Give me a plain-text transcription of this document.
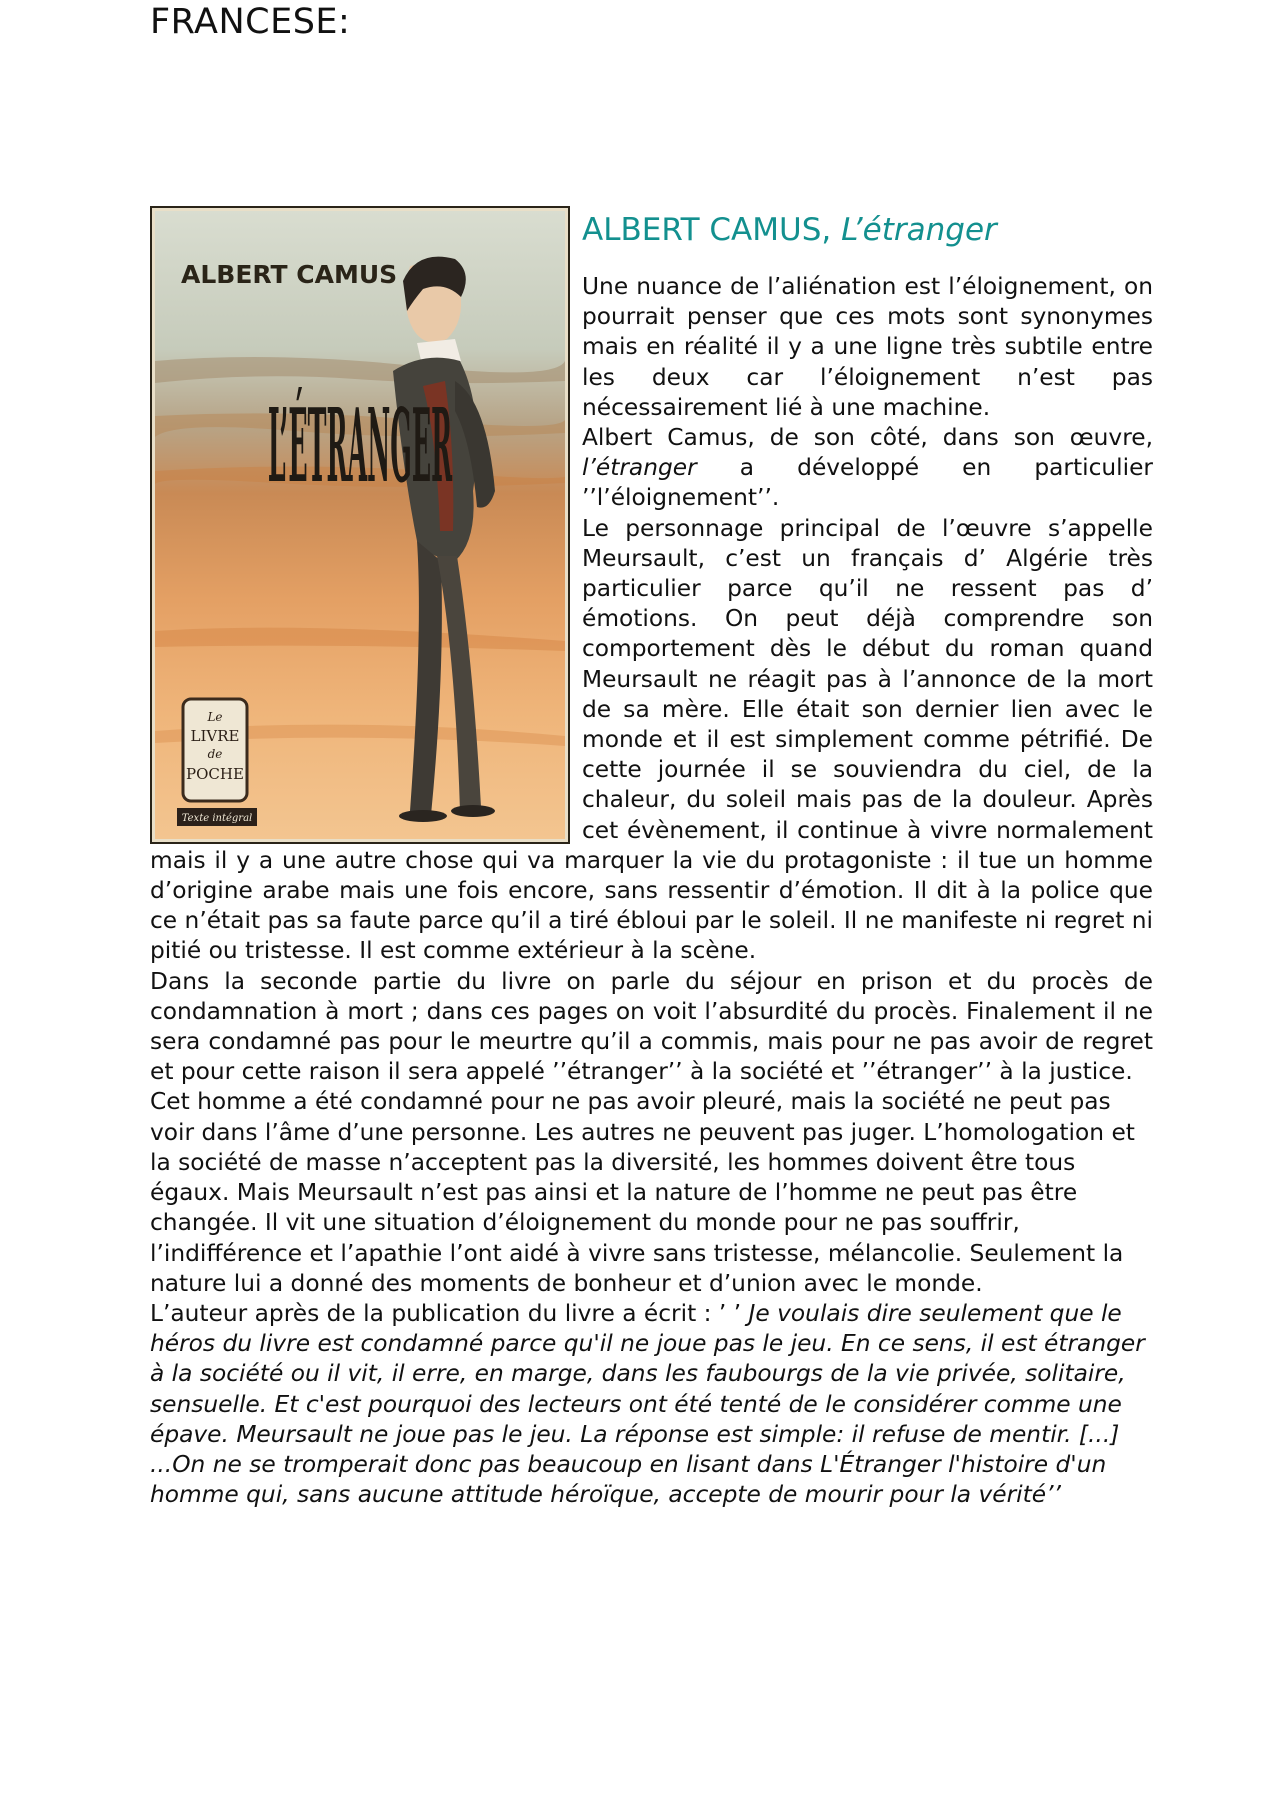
FRANCESE:
ALBERT CAMUS
L’ÉTRANGER
Le
LIVRE
de
POCHE
Texte intégral
ALBERT CAMUS, L’étranger

Une nuance de l’aliénation est l’éloignement, on pourrait penser que ces mots sont synonymes mais en réalité il y a une ligne très subtile entre les deux car l’éloignement n’est pas nécessairement lié à une machine.

Albert Camus, de son côté, dans son œuvre, l’étranger a développé en particulier ’’l’éloignement’’.

Le personnage principal de l’œuvre s’appelle Meursault, c’est un français d’ Algérie très particulier parce qu’il ne ressent pas d’ émotions. On peut déjà comprendre son comportement dès le début du roman quand Meursault ne réagit pas à l’annonce de la mort de sa mère. Elle était son dernier lien avec le monde et il est simplement comme pétrifié. De cette journée il se souviendra du ciel, de la chaleur, du soleil mais pas de la douleur. Après cet évènement, il continue à vivre normalement mais il y a une autre chose qui va marquer la vie du protagoniste : il tue un homme d’origine arabe mais une fois encore, sans ressentir d’émotion. Il dit à la police que ce n’était pas sa faute parce qu’il a tiré ébloui par le soleil. Il ne manifeste ni regret ni pitié ou tristesse. Il est comme extérieur à la scène.

Dans la seconde partie du livre on parle du séjour en prison et du procès de condamnation à mort ; dans ces pages on voit l’absurdité du procès. Finalement il ne sera condamné pas pour le meurtre qu’il a commis, mais pour ne pas avoir de regret et pour cette raison il sera appelé ’’étranger’’ à la société et ’’étranger’’ à la justice.

Cet homme a été condamné pour ne pas avoir pleuré, mais la société ne peut pas voir dans l’âme d’une personne. Les autres ne peuvent pas juger. L’homologation et la société de masse n’acceptent pas la diversité, les hommes doivent être tous égaux. Mais Meursault n’est pas ainsi et la nature de l’homme ne peut pas être changée. Il vit une situation d’éloignement du monde pour ne pas souffrir, l’indifférence et l’apathie l’ont aidé à vivre sans tristesse, mélancolie. Seulement la nature lui a donné des moments de bonheur et d’union avec le monde.

L’auteur après de la publication du livre a écrit : ’ ’ Je voulais dire seulement que le héros du livre est condamné parce qu'il ne joue pas le jeu. En ce sens, il est étranger à la société ou il vit, il erre, en marge, dans les faubourgs de la vie privée, solitaire, sensuelle. Et c'est pourquoi des lecteurs ont été tenté de le considérer comme une épave. Meursault ne joue pas le jeu. La réponse est simple: il refuse de mentir. [...] ...On ne se tromperait donc pas beaucoup en lisant dans L'Étranger l'histoire d'un homme qui, sans aucune attitude héroïque, accepte de mourir pour la vérité’’
